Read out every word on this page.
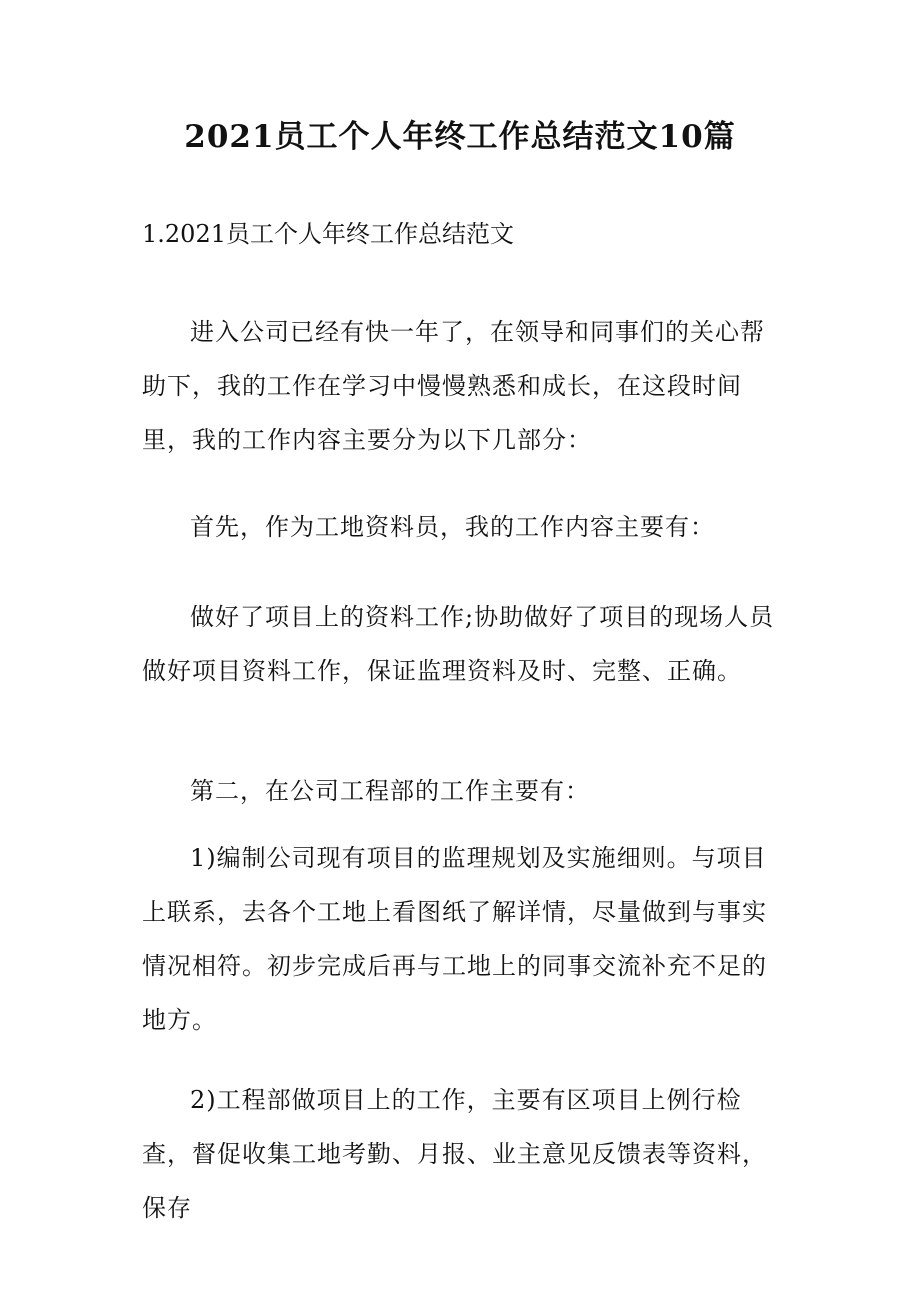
2021员工个人年终工作总结范文10篇
1.2021员工个人年终工作总结范文

进入公司已经有快一年了，在领导和同事们的关心帮助下，我的工作在学习中慢慢熟悉和成长，在这段时间里，我的工作内容主要分为以下几部分：

首先，作为工地资料员，我的工作内容主要有：

做好了项目上的资料工作;协助做好了项目的现场人员做好项目资料工作，保证监理资料及时、完整、正确。

第二，在公司工程部的工作主要有：

1)编制公司现有项目的监理规划及实施细则。与项目上联系，去各个工地上看图纸了解详情，尽量做到与事实情况相符。初步完成后再与工地上的同事交流补充不足的地方。

2)工程部做项目上的工作，主要有区项目上例行检查，督促收集工地考勤、月报、业主意见反馈表等资料，保存
